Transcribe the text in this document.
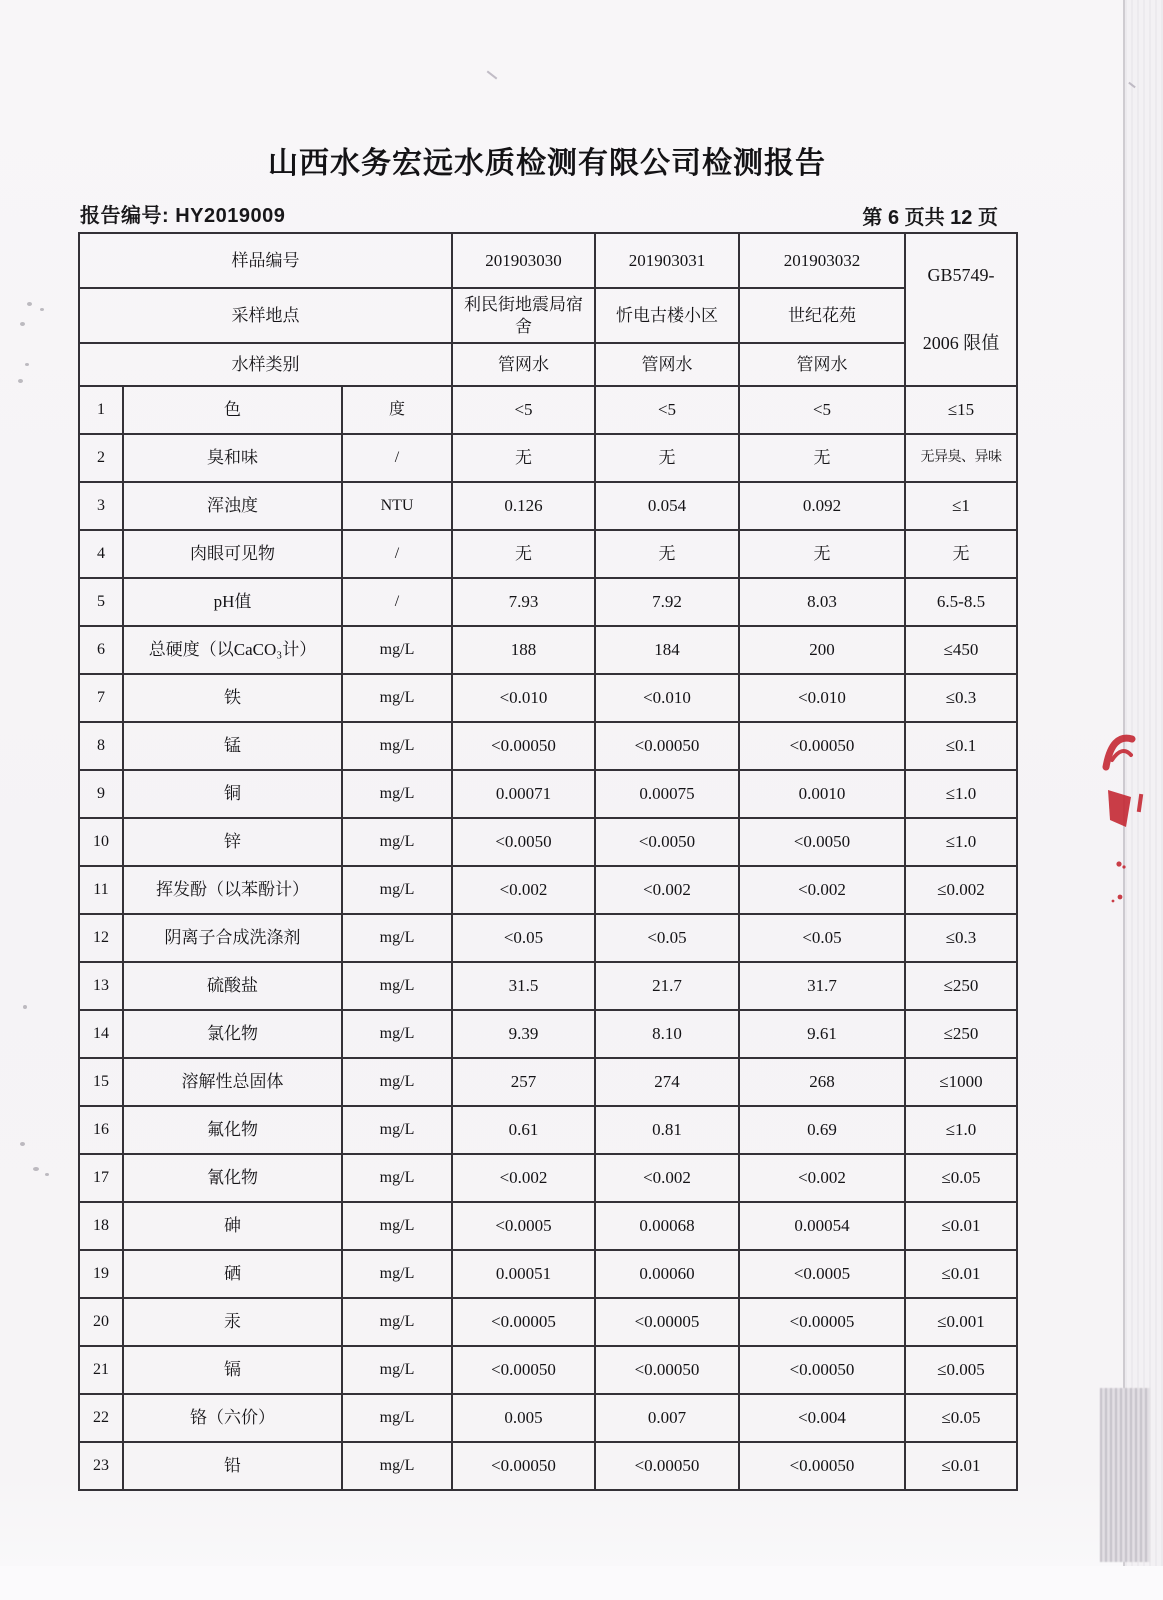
山西水务宏远水质检测有限公司检测报告
报告编号: HY2019009	第 6 页共 12 页
样品编号			201903030	201903031	201903032	GB5749-
2006 限值

采样地点			利民街地震局宿舍	忻电古楼小区	世纪花苑	
水样类别			管网水	管网水	管网水	
1	色	度	<5	<5	<5	≤15
2	臭和味	/	无	无	无	无异臭、异味
3	浑浊度	NTU	0.126	0.054	0.092	≤1
4	肉眼可见物	/	无	无	无	无
5	pH值	/	7.93	7.92	8.03	6.5-8.5
6	总硬度（以CaCO₃计）	mg/L	188	184	200	≤450
7	铁	mg/L	<0.010	<0.010	<0.010	≤0.3
8	锰	mg/L	<0.00050	<0.00050	<0.00050	≤0.1
9	铜	mg/L	0.00071	0.00075	0.0010	≤1.0
10	锌	mg/L	<0.0050	<0.0050	<0.0050	≤1.0
11	挥发酚（以苯酚计）	mg/L	<0.002	<0.002	<0.002	≤0.002
12	阴离子合成洗涤剂	mg/L	<0.05	<0.05	<0.05	≤0.3
13	硫酸盐	mg/L	31.5	21.7	31.7	≤250
14	氯化物	mg/L	9.39	8.10	9.61	≤250
15	溶解性总固体	mg/L	257	274	268	≤1000
16	氟化物	mg/L	0.61	0.81	0.69	≤1.0
17	氰化物	mg/L	<0.002	<0.002	<0.002	≤0.05
18	砷	mg/L	<0.0005	0.00068	0.00054	≤0.01
19	硒	mg/L	0.00051	0.00060	<0.0005	≤0.01
20	汞	mg/L	<0.00005	<0.00005	<0.00005	≤0.001
21	镉	mg/L	<0.00050	<0.00050	<0.00050	≤0.005
22	铬（六价）	mg/L	0.005	0.007	<0.004	≤0.05
23	铅	mg/L	<0.00050	<0.00050	<0.00050	≤0.01
